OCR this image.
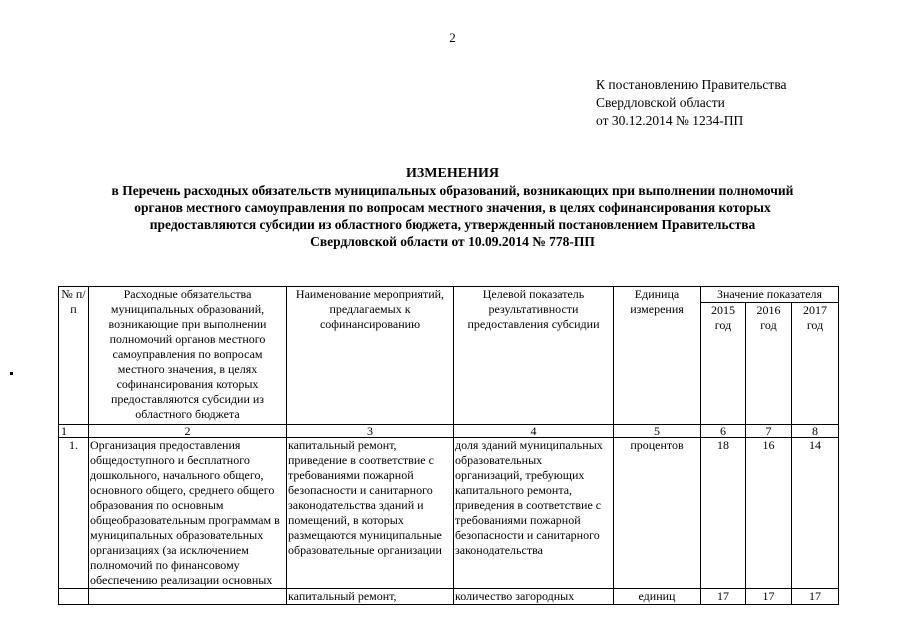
2
К постановлению Правительства
Свердловской области
от 30.12.2014 № 1234-ПП
ИЗМЕНЕНИЯ
в Перечень расходных обязательств муниципальных образований, возникающих при выполнении полномочий
органов местного самоуправления по вопросам местного значения, в целях софинансирования которых
предоставляются субсидии из областного бюджета, утвержденный постановлением Правительства
Свердловской области от 10.09.2014 № 778-ПП
№ п/п	Расходные обязательства муниципальных образований, возникающие при выполнении полномочий органов местного самоуправления по вопросам местного значения, в целях софинансирования которых предоставляются субсидии из областного бюджета	Наименование мероприятий, предлагаемых к софинансированию	Целевой показатель результативности предоставления субсидии	Единица измерения	Значение показателя		
					2015 год	2016 год	2017 год
1	2	3	4	5	6	7	8
1.	Организация предоставления общедоступного и бесплатного дошкольного, начального общего, основного общего, среднего общего образования по основным общеобразовательным программам в муниципальных образовательных организациях (за исключением полномочий по финансовому обеспечению реализации основных	капитальный ремонт, приведение в соответствие с требованиями пожарной безопасности и санитарного законодательства зданий и помещений, в которых размещаются муниципальные образовательные организации	доля зданий муниципальных образовательных организаций, требующих капитального ремонта, приведения в соответствие с требованиями пожарной безопасности и санитарного законодательства	процентов	18	16	14
		капитальный ремонт,	количество загородных	единиц	17	17	17
